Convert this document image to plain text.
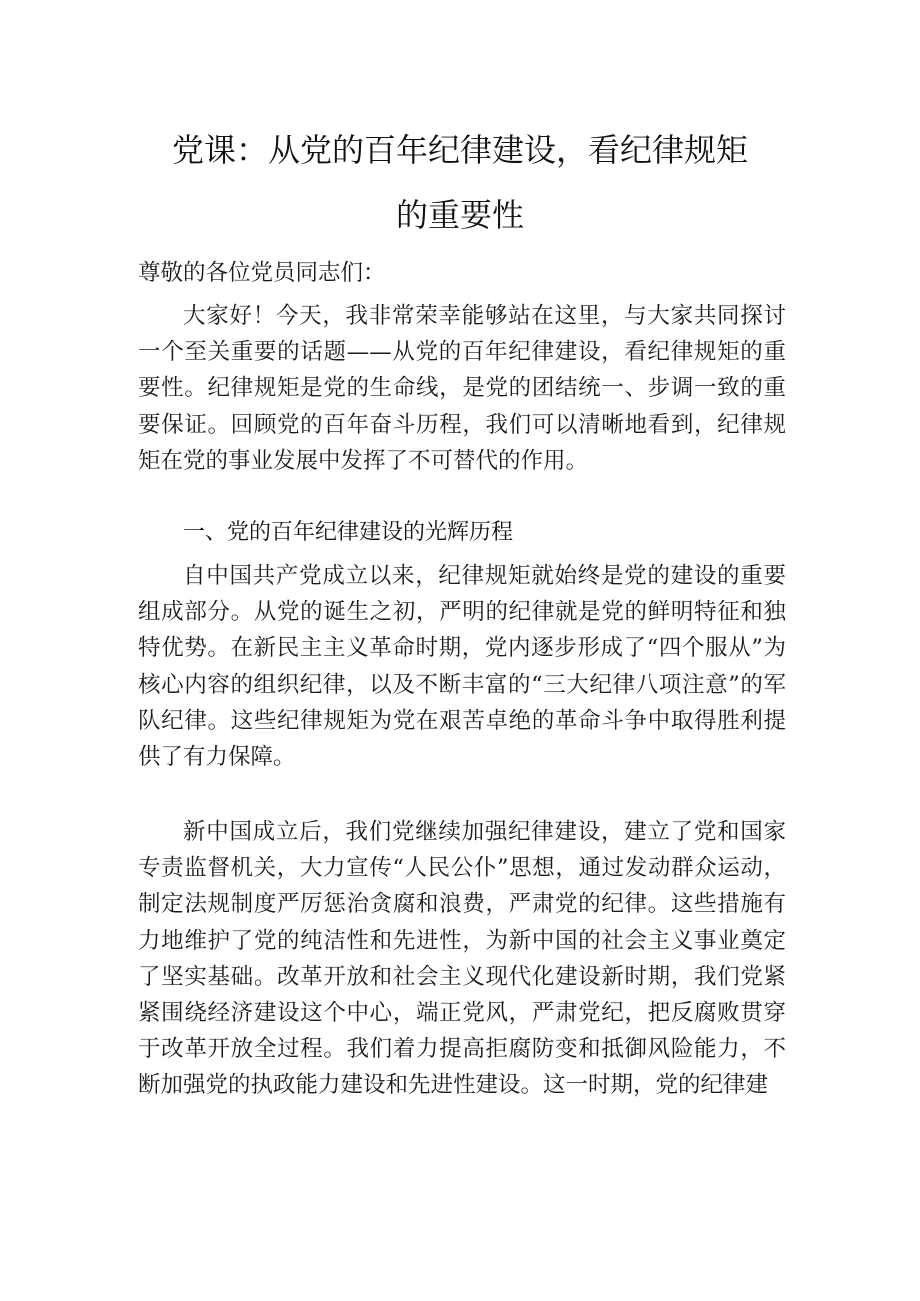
党课：从党的百年纪律建设，看纪律规矩
的重要性
尊敬的各位党员同志们：

大家好！今天，我非常荣幸能够站在这里，与大家共同探讨一个至关重要的话题——从党的百年纪律建设，看纪律规矩的重要性。纪律规矩是党的生命线，是党的团结统一、步调一致的重要保证。回顾党的百年奋斗历程，我们可以清晰地看到，纪律规矩在党的事业发展中发挥了不可替代的作用。

一、党的百年纪律建设的光辉历程

自中国共产党成立以来，纪律规矩就始终是党的建设的重要组成部分。从党的诞生之初，严明的纪律就是党的鲜明特征和独特优势。在新民主主义革命时期，党内逐步形成了“四个服从”为核心内容的组织纪律，以及不断丰富的“三大纪律八项注意”的军队纪律。这些纪律规矩为党在艰苦卓绝的革命斗争中取得胜利提供了有力保障。

新中国成立后，我们党继续加强纪律建设，建立了党和国家专责监督机关，大力宣传“人民公仆”思想，通过发动群众运动，制定法规制度严厉惩治贪腐和浪费，严肃党的纪律。这些措施有力地维护了党的纯洁性和先进性，为新中国的社会主义事业奠定了坚实基础。改革开放和社会主义现代化建设新时期，我们党紧紧围绕经济建设这个中心，端正党风，严肃党纪，把反腐败贯穿于改革开放全过程。我们着力提高拒腐防变和抵御风险能力，不断加强党的执政能力建设和先进性建设。这一时期，党的纪律建
